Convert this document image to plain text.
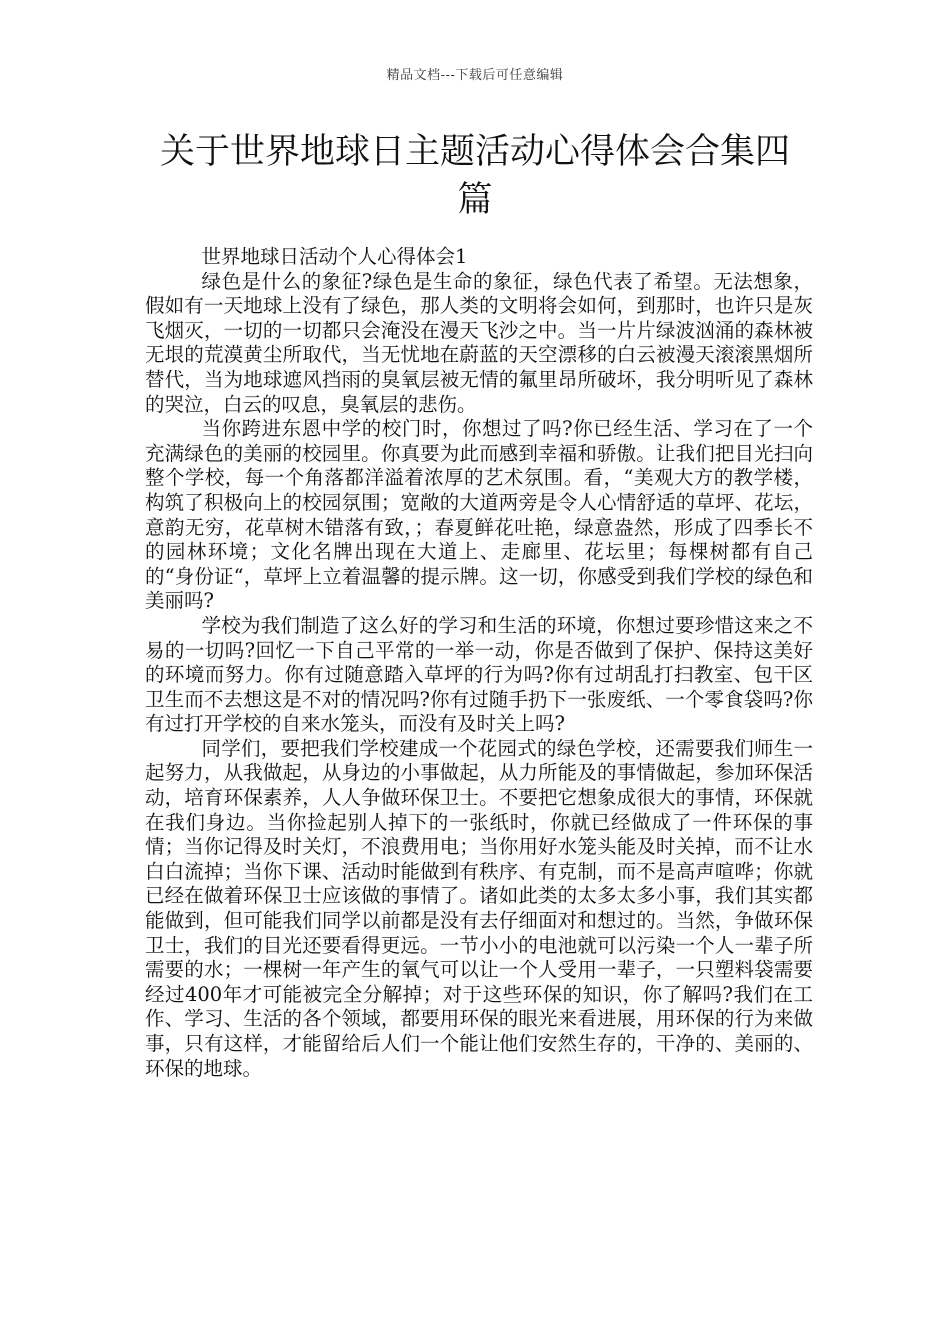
精品文档---下载后可任意编辑
关于世界地球日主题活动心得体会合集四篇

世界地球日活动个人心得体会1

绿色是什么的象征?绿色是生命的象征，绿色代表了希望。无法想象，假如有一天地球上没有了绿色，那人类的文明将会如何，到那时，也许只是灰飞烟灭，一切的一切都只会淹没在漫天飞沙之中。当一片片绿波汹涌的森林被无垠的荒漠黄尘所取代，当无忧地在蔚蓝的天空漂移的白云被漫天滚滚黑烟所替代，当为地球遮风挡雨的臭氧层被无情的氟里昂所破坏，我分明听见了森林的哭泣，白云的叹息，臭氧层的悲伤。

当你跨进东恩中学的校门时，你想过了吗?你已经生活、学习在了一个充满绿色的美丽的校园里。你真要为此而感到幸福和骄傲。让我们把目光扫向整个学校，每一个角落都洋溢着浓厚的艺术氛围。看，“美观大方的教学楼，构筑了积极向上的校园氛围；宽敞的大道两旁是令人心情舒适的草坪、花坛，意韵无穷，花草树木错落有致，；春夏鲜花吐艳，绿意盎然，形成了四季长不的园林环境；文化名牌出现在大道上、走廊里、花坛里；每棵树都有自己的“身份证“，草坪上立着温馨的提示牌。这一切，你感受到我们学校的绿色和美丽吗?

学校为我们制造了这么好的学习和生活的环境，你想过要珍惜这来之不易的一切吗?回忆一下自己平常的一举一动，你是否做到了保护、保持这美好的环境而努力。你有过随意踏入草坪的行为吗?你有过胡乱打扫教室、包干区卫生而不去想这是不对的情况吗?你有过随手扔下一张废纸、一个零食袋吗?你有过打开学校的自来水笼头，而没有及时关上吗?

同学们，要把我们学校建成一个花园式的绿色学校，还需要我们师生一起努力，从我做起，从身边的小事做起，从力所能及的事情做起，参加环保活动，培育环保素养，人人争做环保卫士。不要把它想象成很大的事情，环保就在我们身边。当你捡起别人掉下的一张纸时，你就已经做成了一件环保的事情；当你记得及时关灯，不浪费用电；当你用好水笼头能及时关掉，而不让水白白流掉；当你下课、活动时能做到有秩序、有克制，而不是高声喧哗；你就已经在做着环保卫士应该做的事情了。诸如此类的太多太多小事，我们其实都能做到，但可能我们同学以前都是没有去仔细面对和想过的。当然，争做环保卫士，我们的目光还要看得更远。一节小小的电池就可以污染一个人一辈子所需要的水；一棵树一年产生的氧气可以让一个人受用一辈子，一只塑料袋需要经过400年才可能被完全分解掉；对于这些环保的知识，你了解吗?我们在工作、学习、生活的各个领域，都要用环保的眼光来看进展，用环保的行为来做事，只有这样，才能留给后人们一个能让他们安然生存的，干净的、美丽的、环保的地球。
